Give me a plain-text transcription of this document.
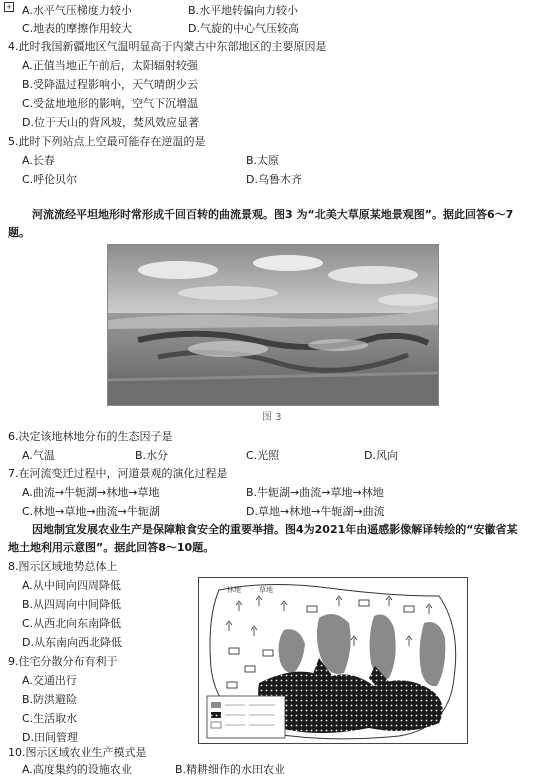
+ A.水平气压梯度力较小	B.水平地转偏向力较小
C.地表的摩擦作用较大	D.气旋的中心气压较高
4.此时我国新疆地区气温明显高于内蒙古中东部地区的主要原因是
A.正值当地正午前后，太阳辐射较强
B.受降温过程影响小，天气晴朗少云
C.受盆地地形的影响，空气下沉增温
D.位于天山的背风坡，焚风效应显著
5.此时下列站点上空最可能存在逆温的是
A.长春	B.太原
C.呼伦贝尔	D.乌鲁木齐
河流流经平坦地形时常形成千回百转的曲流景观。图3 为“北美大草原某地景观图”。据此回答6～7
题。
图 3
6.决定该地林地分布的生态因子是
A.气温	B.水分	C.光照	D.风向
7.在河流变迁过程中，河道景观的演化过程是
A.曲流→牛轭湖→林地→草地	B.牛轭湖→曲流→草地→林地
C.林地→草地→曲流→牛轭湖	D.草地→林地→牛轭湖→曲流
因地制宜发展农业生产是保障粮食安全的重要举措。图4为2021年由遥感影像解译转绘的“安徽省某
地土地利用示意图”。据此回答8～10题。
8.图示区域地势总体上
A.从中间向四周降低
B.从四周向中间降低
C.从西北向东南降低
D.从东南向西北降低
9.住宅分散分布有利于
A.交通出行
B.防洪避险
C.生活取水
D.田间管理
10.图示区域农业生产模式是
A.高度集约的设施农业	B.精耕细作的水田农业
林地	草地
